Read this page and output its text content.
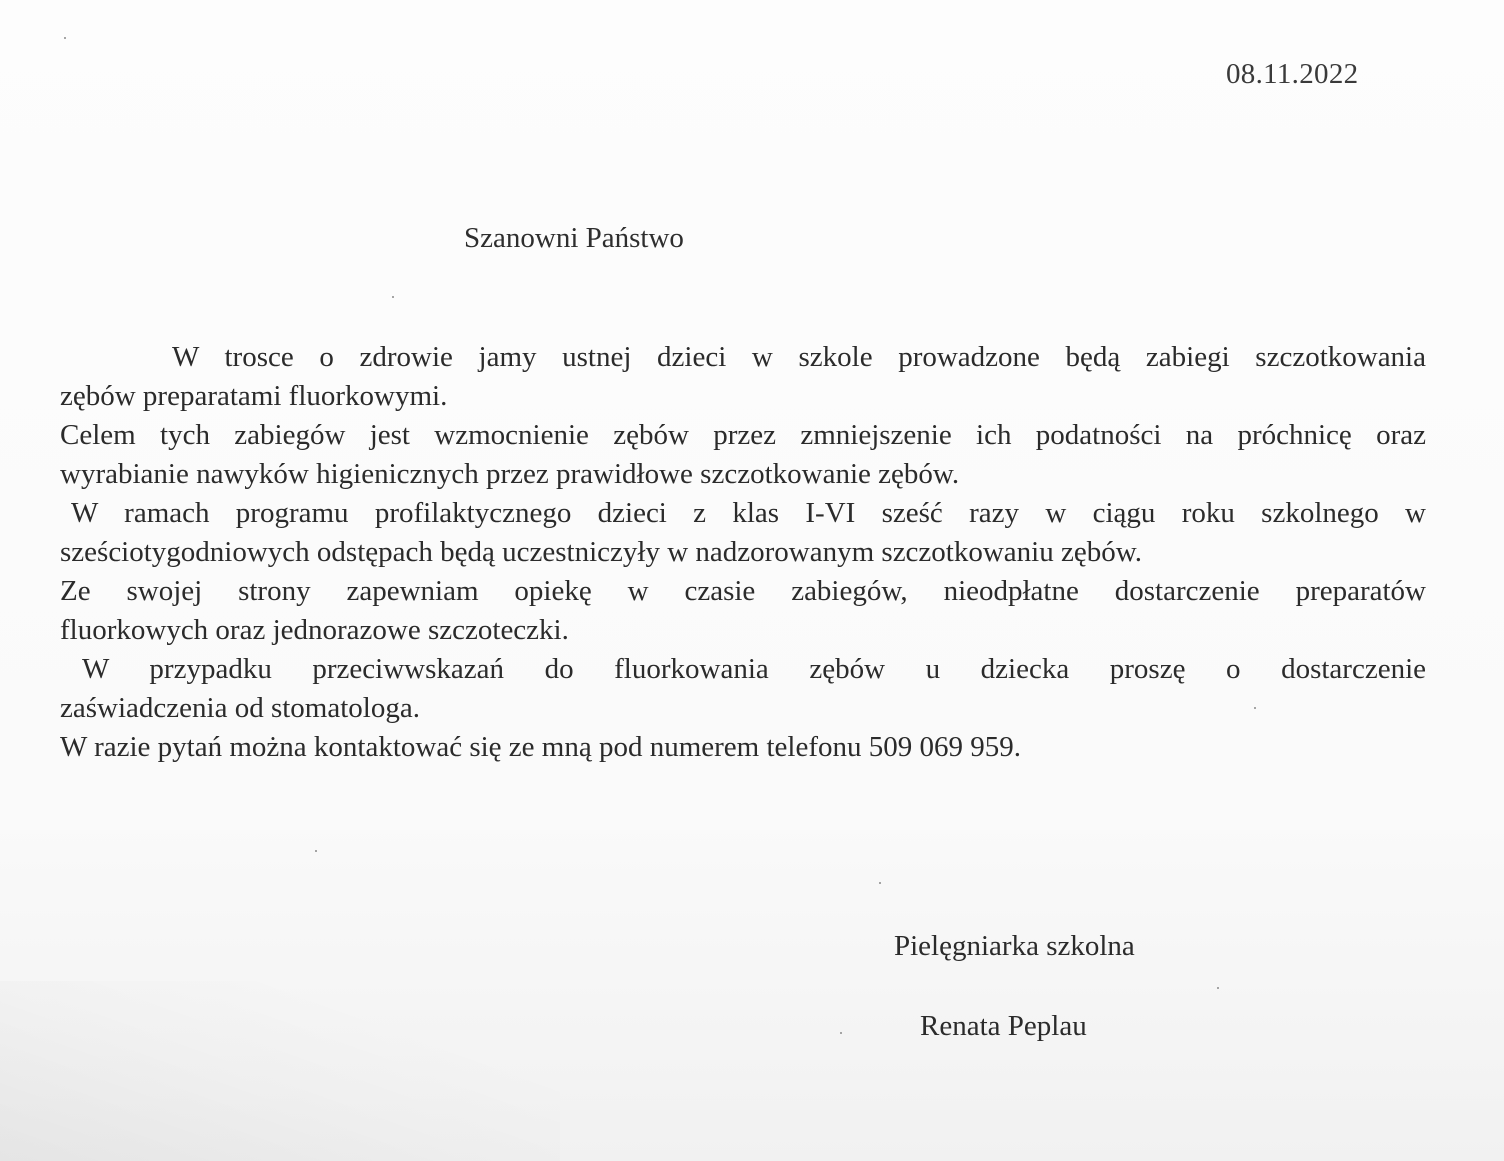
08.11.2022
Szanowni Państwo
W trosce o zdrowie jamy ustnej dzieci w szkole prowadzone będą zabiegi szczotkowania
zębów preparatami fluorkowymi.
Celem tych zabiegów jest wzmocnienie zębów przez zmniejszenie ich podatności na próchnicę oraz
wyrabianie nawyków higienicznych przez prawidłowe szczotkowanie zębów.
W ramach programu profilaktycznego dzieci z klas I-VI sześć razy w ciągu roku szkolnego w
sześciotygodniowych odstępach będą uczestniczyły w nadzorowanym szczotkowaniu zębów.
Ze swojej strony zapewniam opiekę w czasie zabiegów, nieodpłatne dostarczenie preparatów
fluorkowych oraz jednorazowe szczoteczki.
W przypadku przeciwwskazań do fluorkowania zębów u dziecka proszę o dostarczenie
zaświadczenia od stomatologa.
W razie pytań można kontaktować się ze mną pod numerem telefonu 509 069 959.
Pielęgniarka szkolna
Renata Peplau
